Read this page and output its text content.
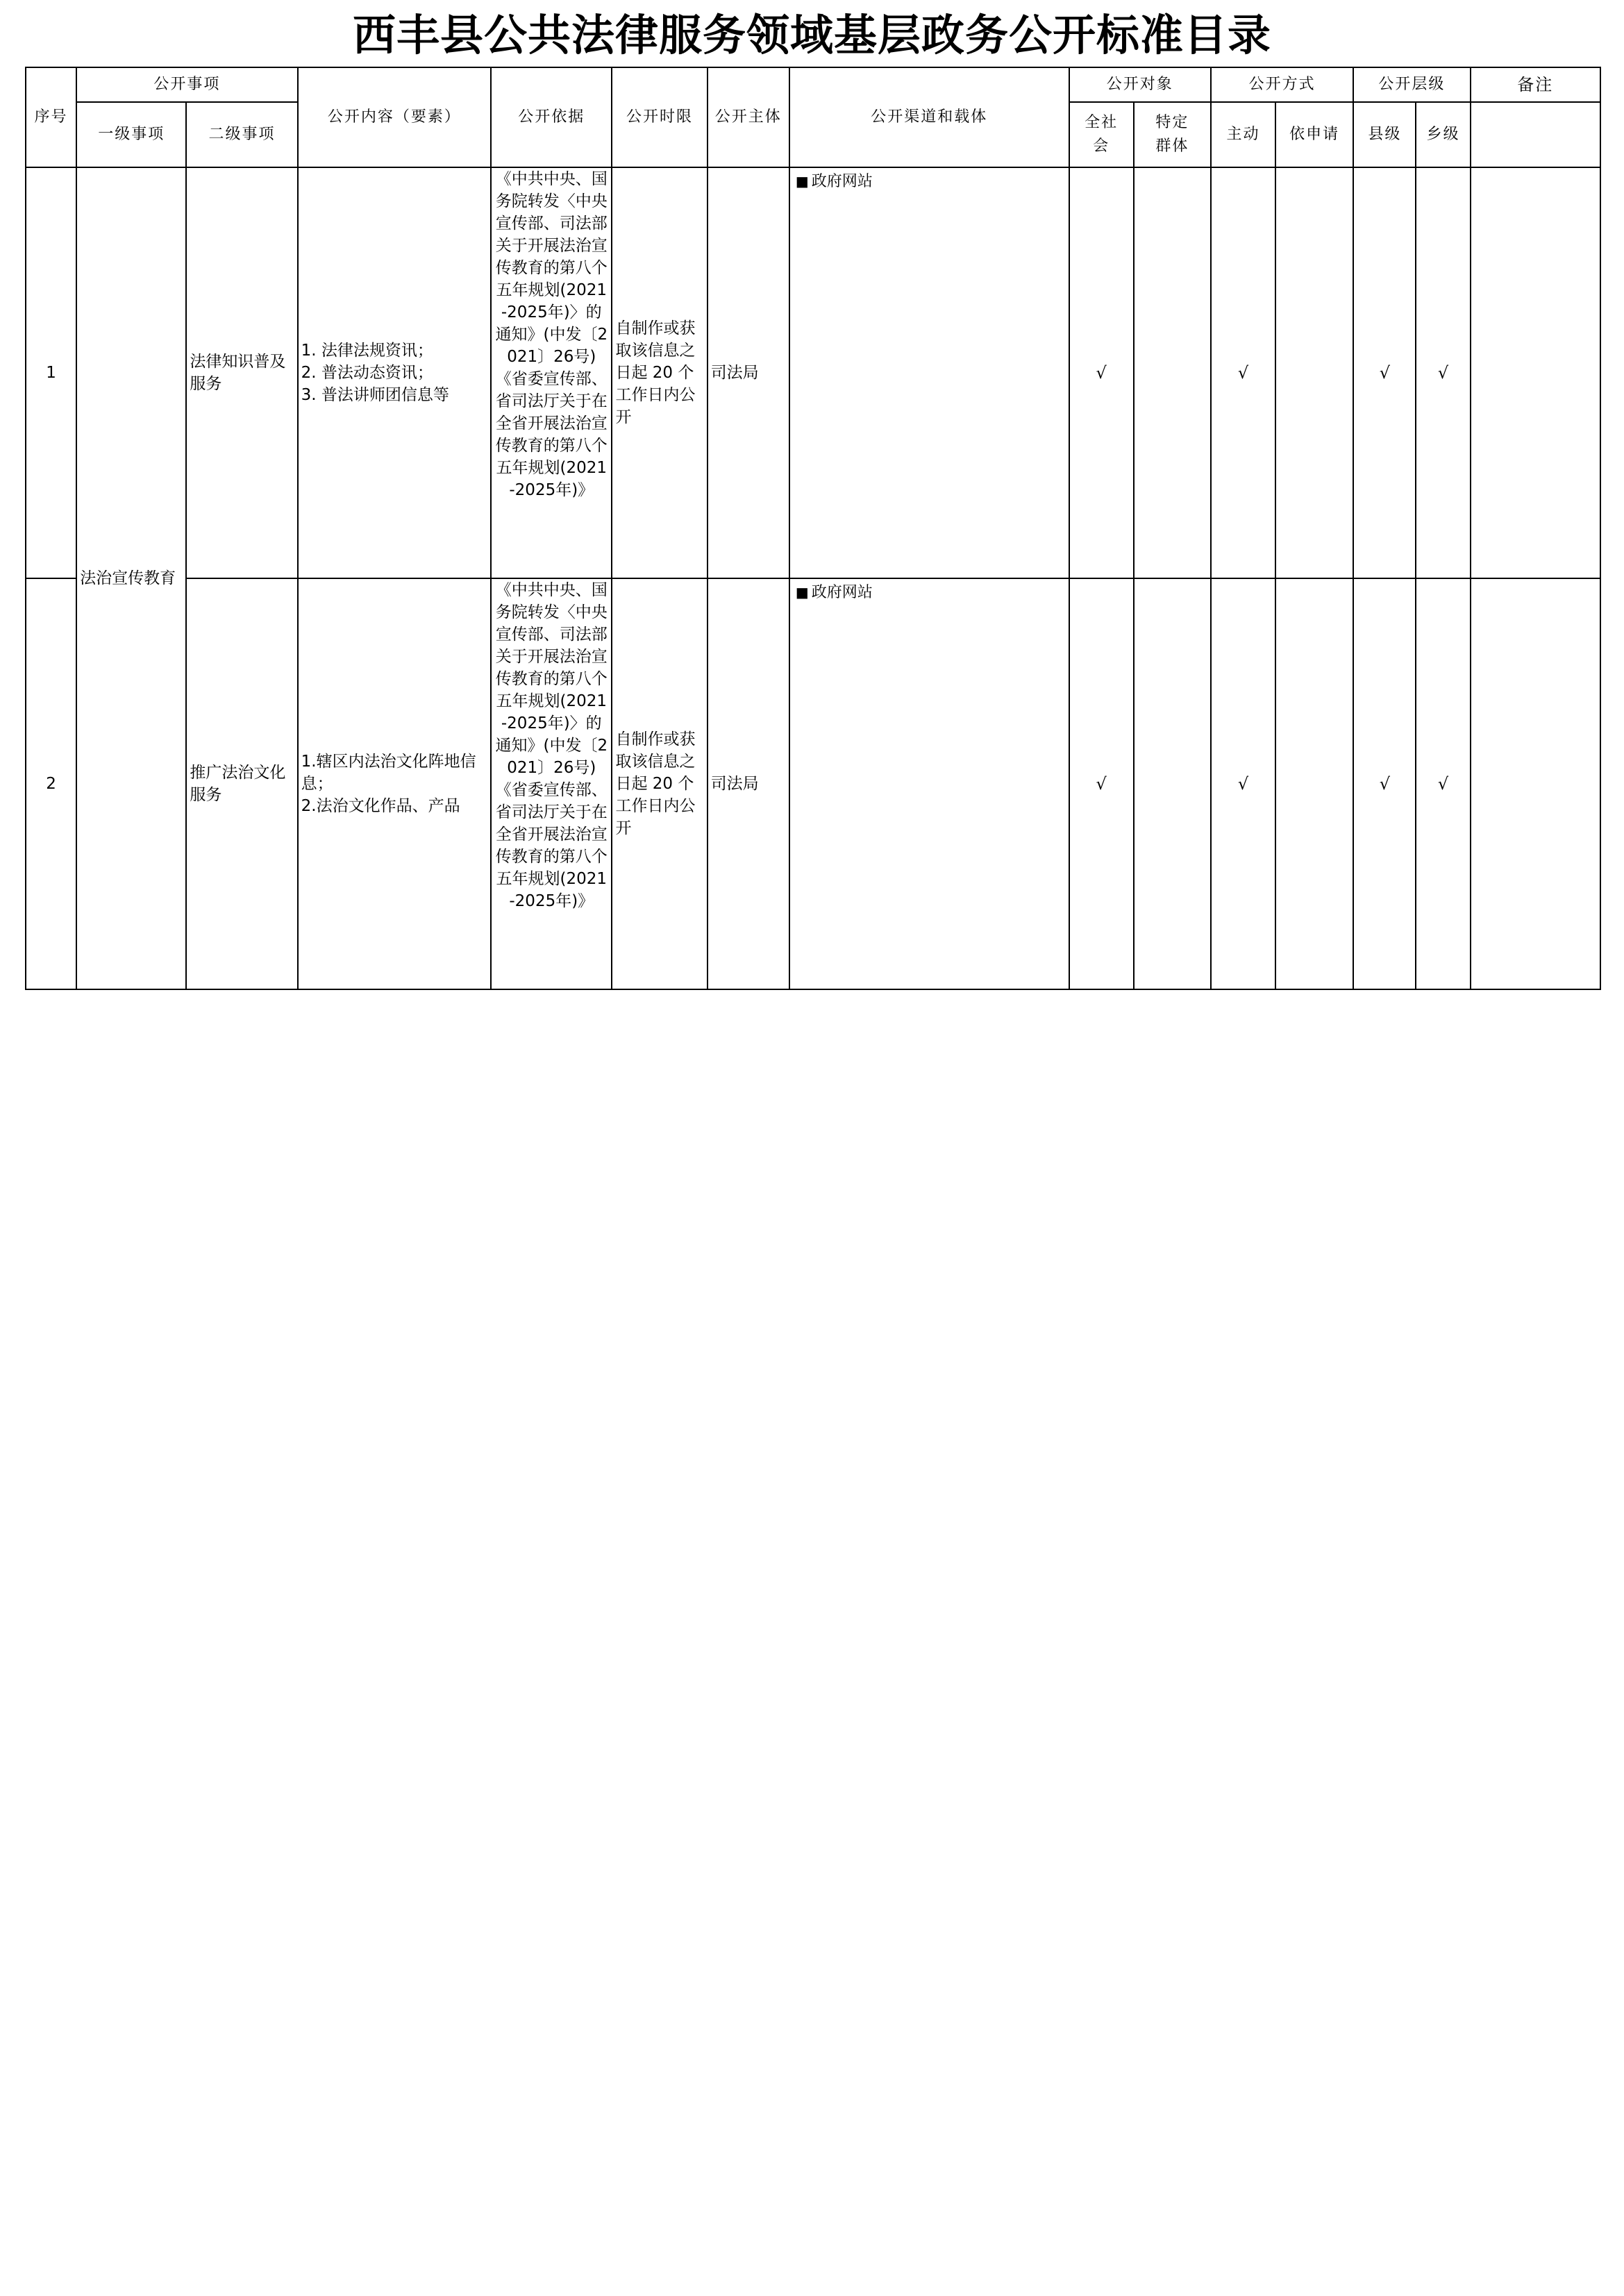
西丰县公共法律服务领域基层政务公开标准目录
序号	公开事项		公开内容（要素）	公开依据	公开时限	公开主体	公开渠道和载体	公开对象		公开方式		公开层级		备注
	一级事项	二级事项						全社
会	特定
群体	主动	依申请	县级	乡级	
1	法治宣传教育	法律知识普及服务	1. 法律法规资讯；
2. 普法动态资讯；
3. 普法讲师团信息等	《中共中央、国务院转发〈中央宣传部、司法部关于开展法治宣传教育的第八个五年规划(2021-2025年)〉的通知》(中发〔2021〕26号)《省委宣传部、省司法厅关于在全省开展法治宣传教育的第八个五年规划(2021-2025年)》	自制作或获取该信息之日起 20 个工作日内公开	司法局	■ 政府网站	√		√		√	√	
2		推广法治文化服务	1.辖区内法治文化阵地信息；
2.法治文化作品、产品	《中共中央、国务院转发〈中央宣传部、司法部关于开展法治宣传教育的第八个五年规划(2021-2025年)〉的通知》(中发〔2021〕26号)《省委宣传部、省司法厅关于在全省开展法治宣传教育的第八个五年规划(2021-2025年)》	自制作或获取该信息之日起 20 个工作日内公开	司法局	■ 政府网站	√		√		√	√	
